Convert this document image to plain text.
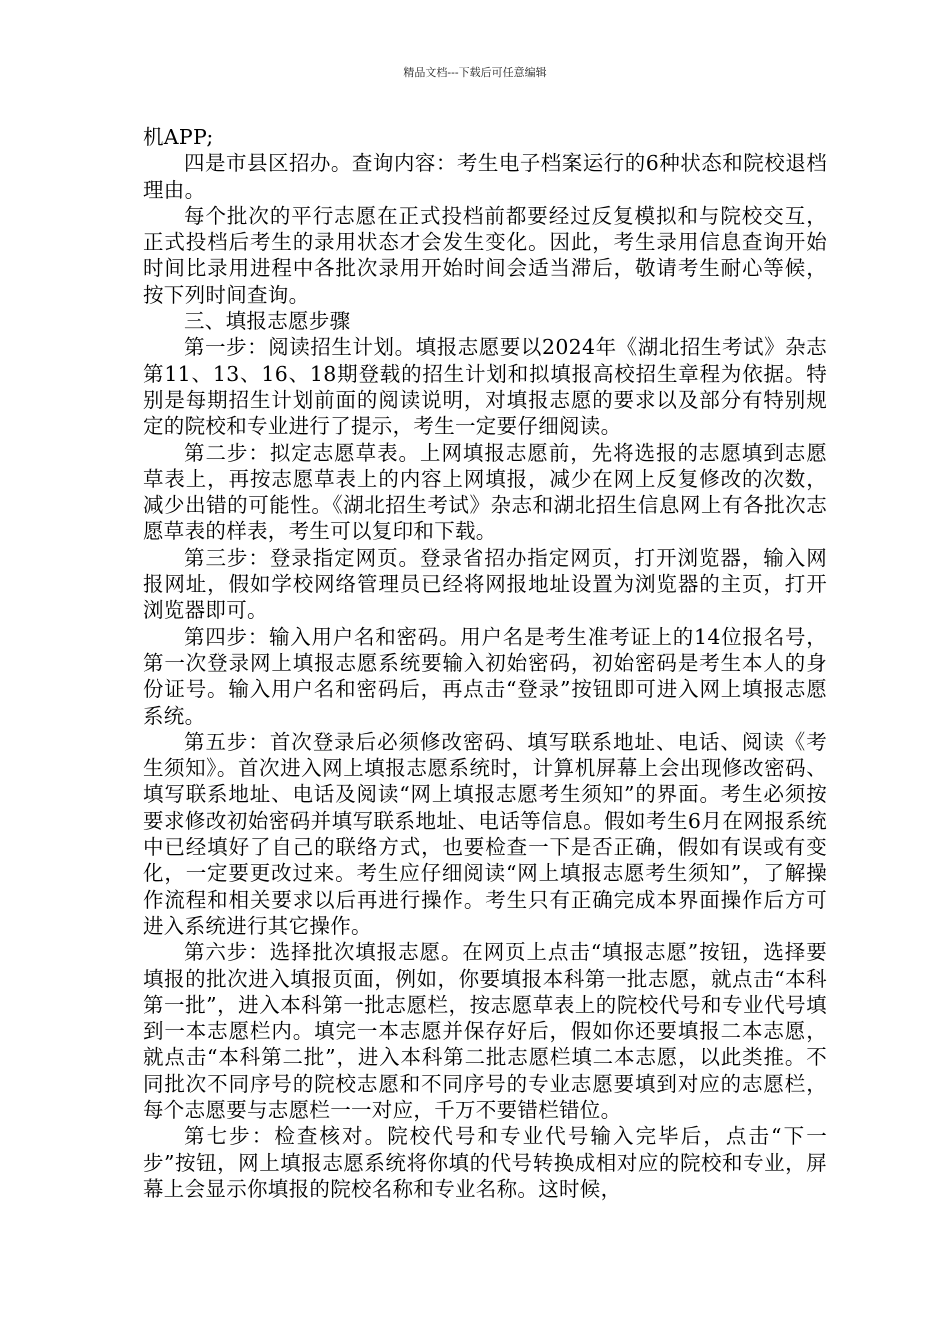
精品文档---下载后可任意编辑

机APP;

四是市县区招办。查询内容：考生电子档案运行的6种状态和院校退档理由。

每个批次的平行志愿在正式投档前都要经过反复模拟和与院校交互，正式投档后考生的录用状态才会发生变化。因此，考生录用信息查询开始时间比录用进程中各批次录用开始时间会适当滞后，敬请考生耐心等候，按下列时间查询。

三、填报志愿步骤

第一步：阅读招生计划。填报志愿要以2024年《湖北招生考试》杂志第11、13、16、18期登载的招生计划和拟填报高校招生章程为依据。特别是每期招生计划前面的阅读说明，对填报志愿的要求以及部分有特别规定的院校和专业进行了提示，考生一定要仔细阅读。

第二步：拟定志愿草表。上网填报志愿前，先将选报的志愿填到志愿草表上，再按志愿草表上的内容上网填报，减少在网上反复修改的次数，减少出错的可能性。《湖北招生考试》杂志和湖北招生信息网上有各批次志愿草表的样表，考生可以复印和下载。

第三步：登录指定网页。登录省招办指定网页，打开浏览器，输入网报网址，假如学校网络管理员已经将网报地址设置为浏览器的主页，打开浏览器即可。

第四步：输入用户名和密码。用户名是考生准考证上的14位报名号，第一次登录网上填报志愿系统要输入初始密码，初始密码是考生本人的身份证号。输入用户名和密码后，再点击“登录”按钮即可进入网上填报志愿系统。

第五步：首次登录后必须修改密码、填写联系地址、电话、阅读《考生须知》。首次进入网上填报志愿系统时，计算机屏幕上会出现修改密码、填写联系地址、电话及阅读“网上填报志愿考生须知”的界面。考生必须按要求修改初始密码并填写联系地址、电话等信息。假如考生6月在网报系统中已经填好了自己的联络方式，也要检查一下是否正确，假如有误或有变化，一定要更改过来。考生应仔细阅读“网上填报志愿考生须知”，了解操作流程和相关要求以后再进行操作。考生只有正确完成本界面操作后方可进入系统进行其它操作。

第六步：选择批次填报志愿。在网页上点击“填报志愿”按钮，选择要填报的批次进入填报页面，例如，你要填报本科第一批志愿，就点击“本科第一批”，进入本科第一批志愿栏，按志愿草表上的院校代号和专业代号填到一本志愿栏内。填完一本志愿并保存好后，假如你还要填报二本志愿，就点击“本科第二批”，进入本科第二批志愿栏填二本志愿，以此类推。不同批次不同序号的院校志愿和不同序号的专业志愿要填到对应的志愿栏，每个志愿要与志愿栏一一对应，千万不要错栏错位。

第七步：检查核对。院校代号和专业代号输入完毕后，点击“下一步”按钮，网上填报志愿系统将你填的代号转换成相对应的院校和专业，屏幕上会显示你填报的院校名称和专业名称。这时候，
